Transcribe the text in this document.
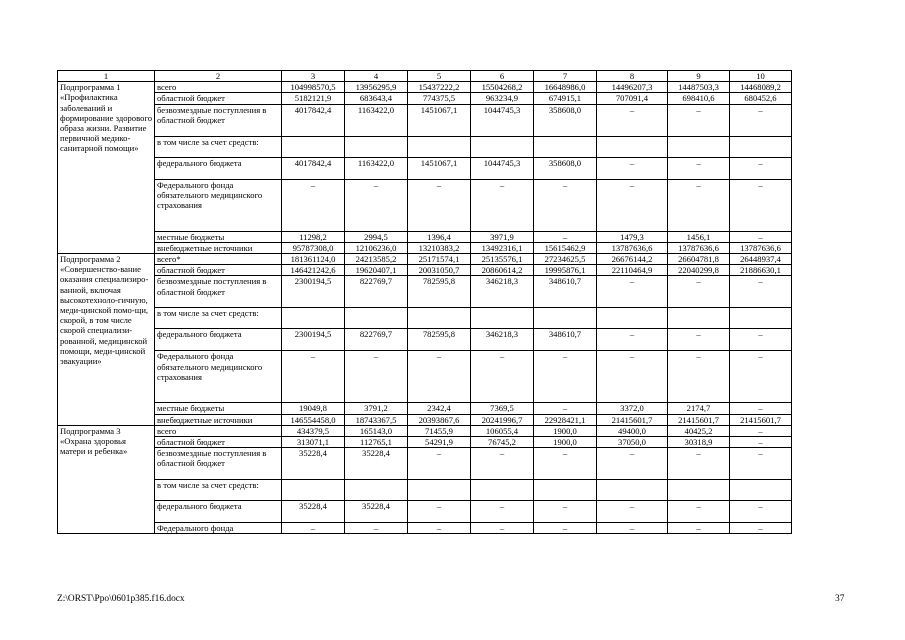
1	2	3	4	5	6	7	8	9	10
Подпрограмма 1 «Профилактика заболеваний и формирование здорового образа жизни. Развитие первичной медико-санитарной помощи»	всего	104998570,5	13956295,9	15437222,2	15504268,2	16648986,0	14496207,3	14487503,3	14468089,2
	областной бюджет	5182121,9	683643,4	774375,5	963234,9	674915,1	707091,4	698410,6	680452,6
	безвозмездные поступления в областной бюджет	4017842,4	1163422,0	1451067,1	1044745,3	358608,0	–	–	–
	в том числе за счет средств:								
	федерального бюджета	4017842,4	1163422,0	1451067,1	1044745,3	358608,0	–	–	–
	Федерального фонда обязательного медицинского страхования	–	–	–	–	–	–	–	–
	местные бюджеты	11298,2	2994,5	1396,4	3971,9	–	1479,3	1456,1	–
	внебюджетные источники	95787308,0	12106236,0	13210383,2	13492316,1	15615462,9	13787636,6	13787636,6	13787636,6
Подпрограмма 2 «Совершенство-вание оказания специализиро-ванной, включая высокотехноло-гичную, меди-цинской помо-щи, скорой, в том числе скорой специализи-рованной, медицинской помощи, меди-цинской эвакуации»	всего*	181361124,0	24213585,2	25171574,1	25135576,1	27234625,5	26676144,2	26604781,8	26448937,4
	областной бюджет	146421242,6	19620407,1	20031050,7	20860614,2	19995876,1	22110464,9	22040299,8	21886630,1
	безвозмездные поступления в областной бюджет	2300194,5	822769,7	782595,8	346218,3	348610,7	–	–	–
	в том числе за счет средств:								
	федерального бюджета	2300194,5	822769,7	782595,8	346218,3	348610,7	–	–	–
	Федерального фонда обязательного медицинского страхования	–	–	–	–	–	–	–	–
	местные бюджеты	19049,8	3791,2	2342,4	7369,5	–	3372,0	2174,7	–
	внебюджетные источники	146554458,0	18743367,5	20393867,6	20241996,7	22928421,1	21415601,7	21415601,7	21415601,7
Подпрограмма 3 «Охрана здоровья матери и ребенка»	всего	434379,5	165143,0	71455,9	106055,4	1900,0	49400,0	40425,2	–
	областной бюджет	313071,1	112765,1	54291,9	76745,2	1900,0	37050,0	30318,9	–
	безвозмездные поступления в областной бюджет	35228,4	35228,4	–	–	–	–	–	–
	в том числе за счет средств:								
	федерального бюджета	35228,4	35228,4	–	–	–	–	–	–
	Федерального фонда	–	–	–	–	–	–	–	–
Z:\ORST\Ppo\0601p385.f16.docx	37
